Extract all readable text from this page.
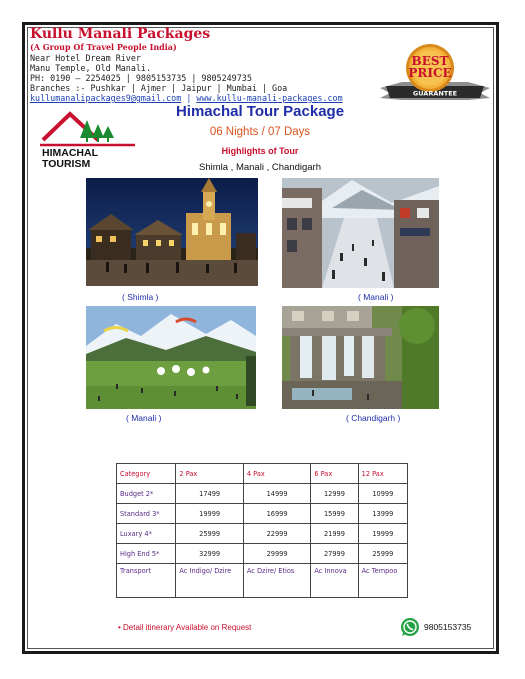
Kullu Manali Packages
(A Group Of Travel People India)
Near Hotel Dream River
Manu Temple, Old Manali.
PH: 0190 – 2254025 | 9805153735 | 9805249735
Branches :- Pushkar | Ajmer | Jaipur | Mumbai | Goa
kullumanalipackages9@gmail.com | www.kullu-manali-packages.com
BEST
PRICE
GUARANTEE
HIMACHAL
TOURISM
Himachal Tour Package
06 Nights / 07 Days
Highlights of Tour
Shimla , Manali , Chandigarh
( Shimla )	( Manali )
( Manali )	( Chandigarh )
Category	2 Pax	4 Pax	6 Pax	12 Pax
Budget 2*	17499	14999	12999	10999
Standard 3*	19999	16999	15999	13999
Luxary 4*	25999	22999	21999	19999
High End 5*	32999	29999	27999	25999
Transport	Ac Indigo/ Dzire	Ac Dzire/ Etios	Ac Innova	Ac Tempoo
• Detail itinerary Available on Request	9805153735
